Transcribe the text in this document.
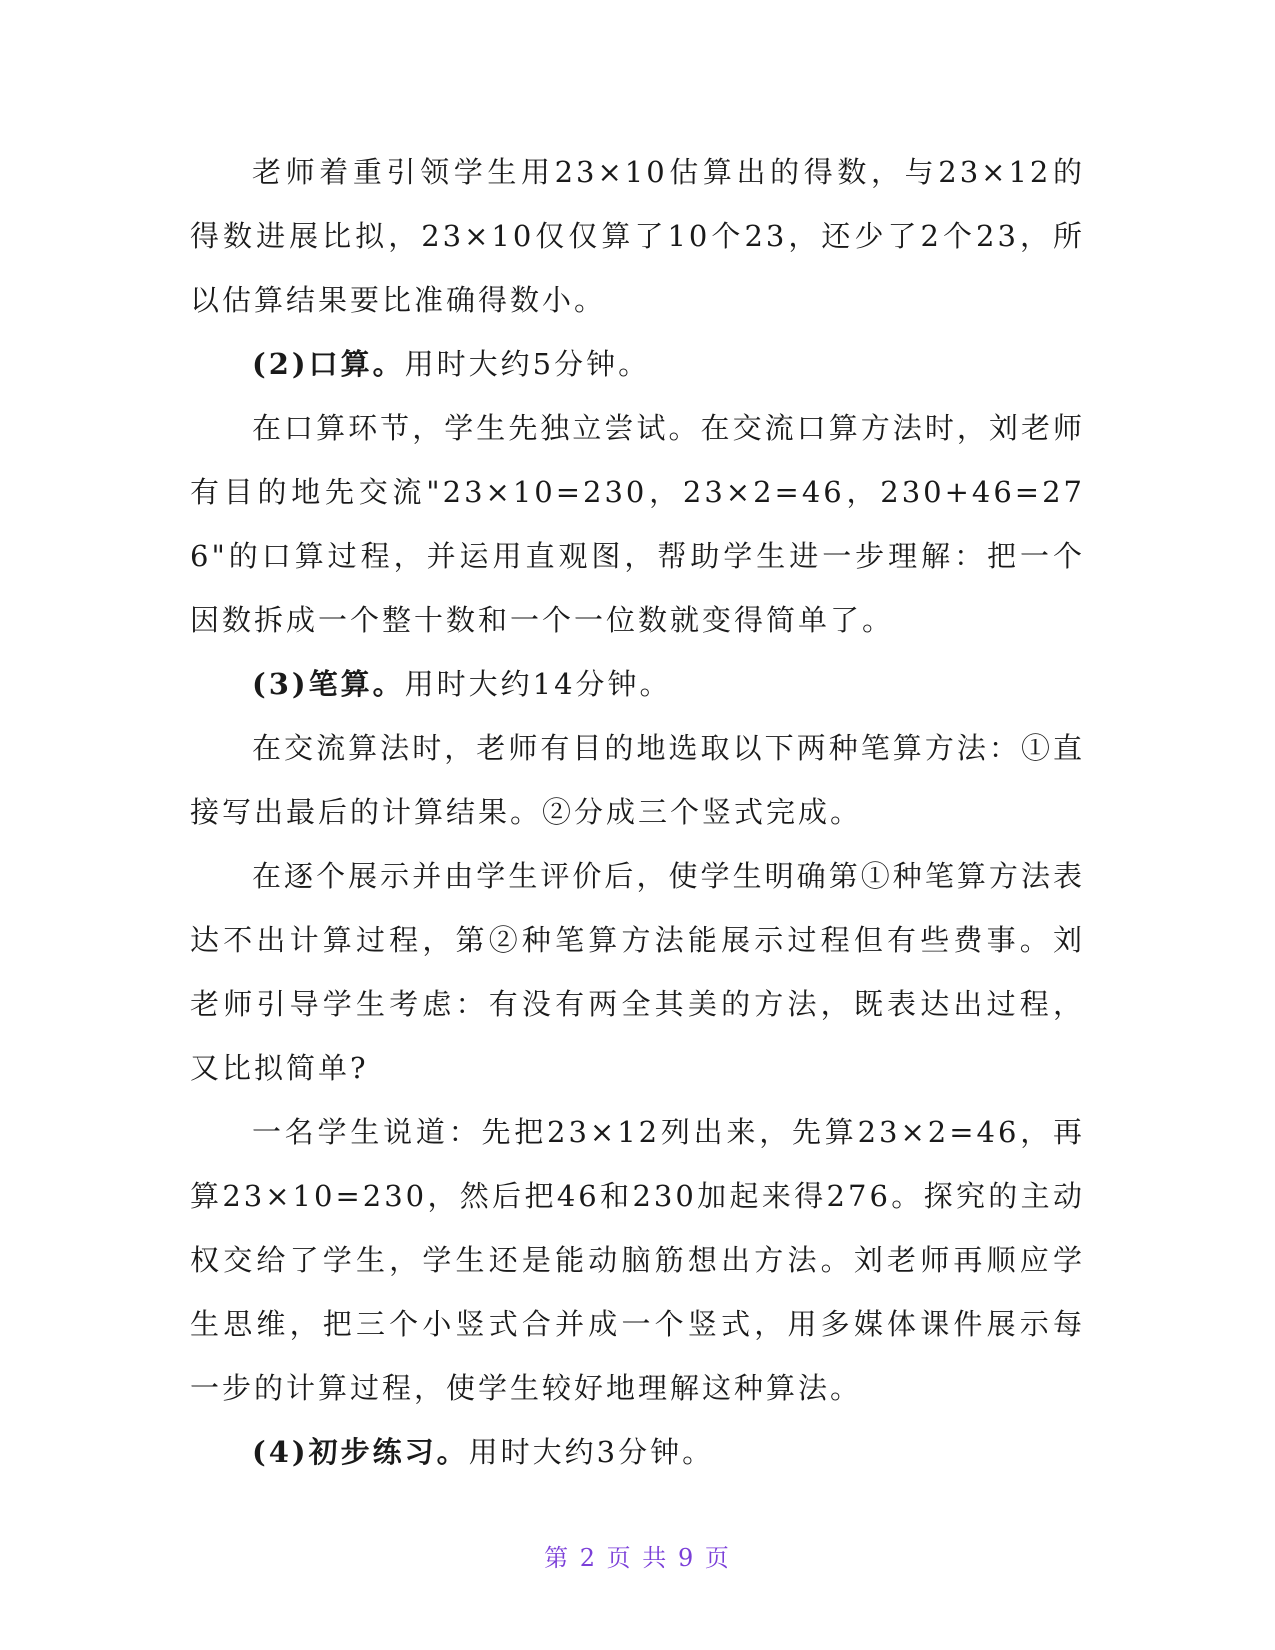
老师着重引领学生用23×10估算出的得数，与23×12的得数进展比拟，23×10仅仅算了10个23，还少了2个23，所以估算结果要比准确得数小。

(2)口算。用时大约5分钟。

在口算环节，学生先独立尝试。在交流口算方法时，刘老师有目的地先交流"23×10=230，23×2=46，230+46=276"的口算过程，并运用直观图，帮助学生进一步理解：把一个因数拆成一个整十数和一个一位数就变得简单了。

(3)笔算。用时大约14分钟。

在交流算法时，老师有目的地选取以下两种笔算方法：①直接写出最后的计算结果。②分成三个竖式完成。

在逐个展示并由学生评价后，使学生明确第①种笔算方法表达不出计算过程，第②种笔算方法能展示过程但有些费事。刘老师引导学生考虑：有没有两全其美的方法，既表达出过程，又比拟简单?

一名学生说道：先把23×12列出来，先算23×2=46，再算23×10=230，然后把46和230加起来得276。探究的主动权交给了学生，学生还是能动脑筋想出方法。刘老师再顺应学生思维，把三个小竖式合并成一个竖式，用多媒体课件展示每一步的计算过程，使学生较好地理解这种算法。

(4)初步练习。用时大约3分钟。

第 2 页 共 9 页
